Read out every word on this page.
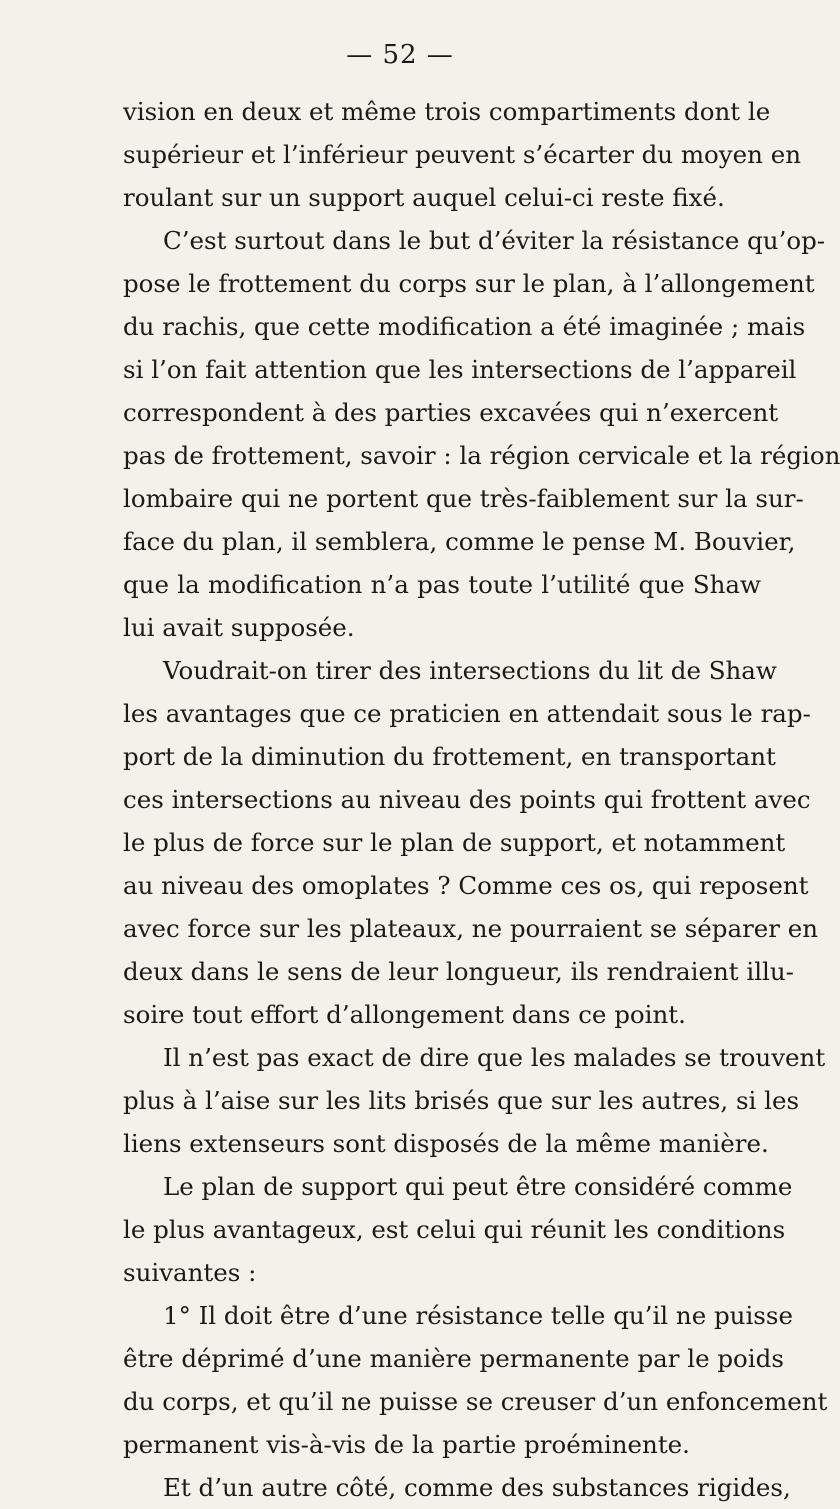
— 52 —
vision en deux et même trois compartiments dont le
supérieur et l’inférieur peuvent s’écarter du moyen en
roulant sur un support auquel celui-ci reste fixé.
C’est surtout dans le but d’éviter la résistance qu’op-
pose le frottement du corps sur le plan, à l’allongement
du rachis, que cette modification a été imaginée ; mais
si l’on fait attention que les intersections de l’appareil
correspondent à des parties excavées qui n’exercent
pas de frottement, savoir : la région cervicale et la région
lombaire qui ne portent que très-faiblement sur la sur-
face du plan, il semblera, comme le pense M. Bouvier,
que la modification n’a pas toute l’utilité que Shaw
lui avait supposée.
Voudrait-on tirer des intersections du lit de Shaw
les avantages que ce praticien en attendait sous le rap-
port de la diminution du frottement, en transportant
ces intersections au niveau des points qui frottent avec
le plus de force sur le plan de support, et notamment
au niveau des omoplates ? Comme ces os, qui reposent
avec force sur les plateaux, ne pourraient se séparer en
deux dans le sens de leur longueur, ils rendraient illu-
soire tout effort d’allongement dans ce point.
Il n’est pas exact de dire que les malades se trouvent
plus à l’aise sur les lits brisés que sur les autres, si les
liens extenseurs sont disposés de la même manière.
Le plan de support qui peut être considéré comme
le plus avantageux, est celui qui réunit les conditions
suivantes :
1° Il doit être d’une résistance telle qu’il ne puisse
être déprimé d’une manière permanente par le poids
du corps, et qu’il ne puisse se creuser d’un enfoncement
permanent vis-à-vis de la partie proéminente.
Et d’un autre côté, comme des substances rigides,
